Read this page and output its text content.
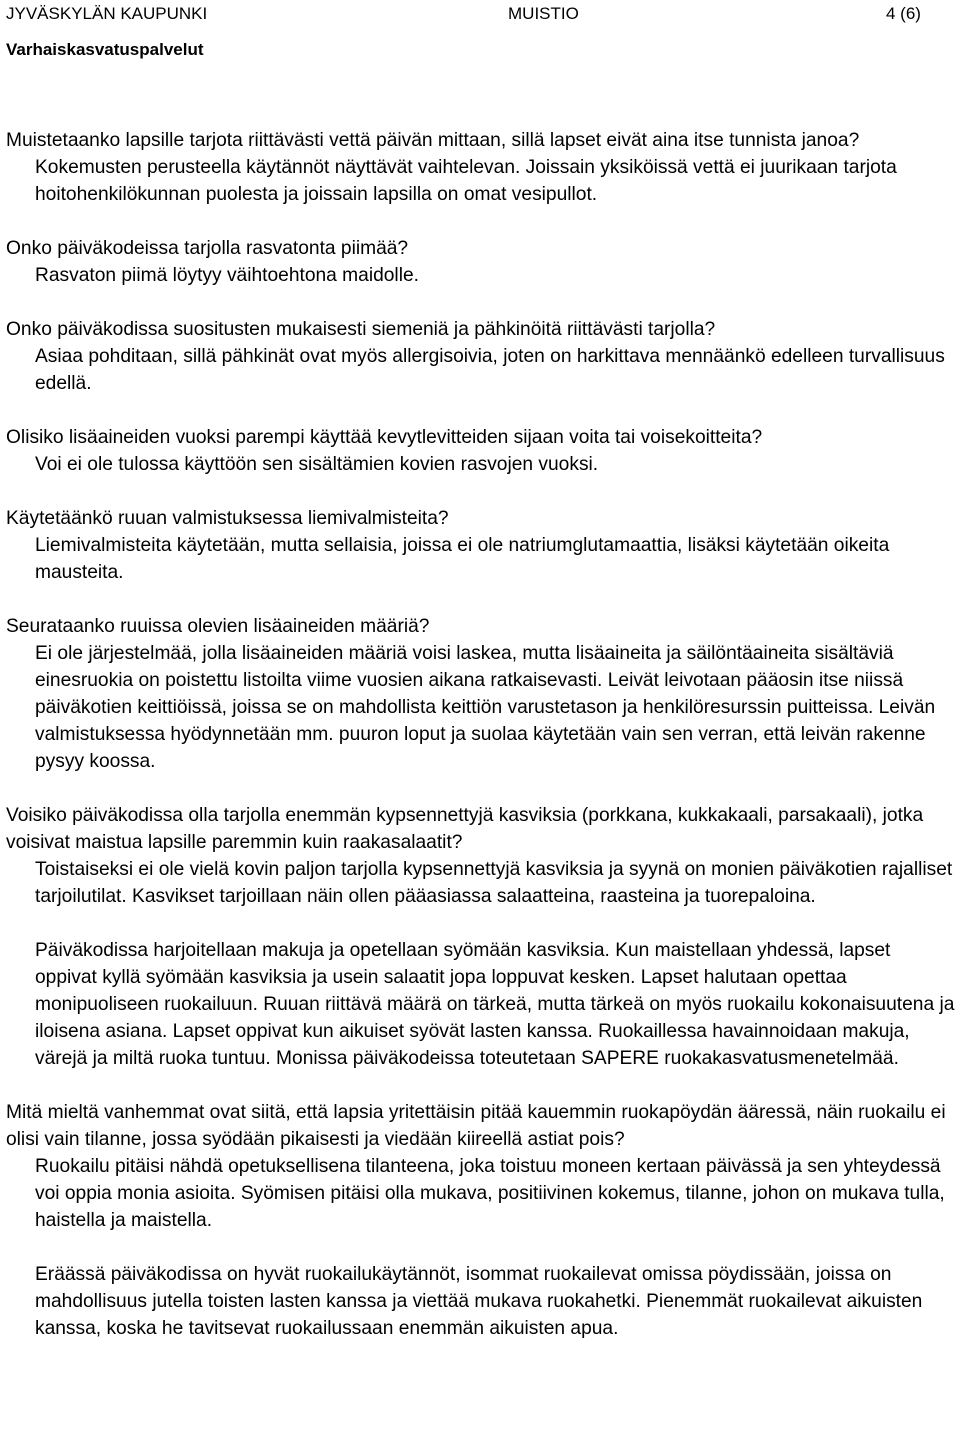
JYVÄSKYLÄN KAUPUNKI	MUISTIO	4 (6)
Varhaiskasvatuspalvelut

Muistetaanko lapsille tarjota riittävästi vettä päivän mittaan, sillä lapset eivät aina itse tunnista janoa?

Kokemusten perusteella käytännöt näyttävät vaihtelevan. Joissain yksiköissä vettä ei juurikaan tarjota hoitohenkilökunnan puolesta ja joissain lapsilla on omat vesipullot.

Onko päiväkodeissa tarjolla rasvatonta piimää?

Rasvaton piimä löytyy väihtoehtona maidolle.

Onko päiväkodissa suositusten mukaisesti siemeniä ja pähkinöitä riittävästi tarjolla?

Asiaa pohditaan, sillä pähkinät ovat myös allergisoivia, joten on harkittava mennäänkö edelleen turvallisuus edellä.

Olisiko lisäaineiden vuoksi parempi käyttää kevytlevitteiden sijaan voita tai voisekoitteita?

Voi ei ole tulossa käyttöön sen sisältämien kovien rasvojen vuoksi.

Käytetäänkö ruuan valmistuksessa liemivalmisteita?

Liemivalmisteita käytetään, mutta sellaisia, joissa ei ole natriumglutamaattia, lisäksi käytetään oikeita mausteita.

Seurataanko ruuissa olevien lisäaineiden määriä?

Ei ole järjestelmää, jolla lisäaineiden määriä voisi laskea, mutta lisäaineita ja säilöntäaineita sisältäviä einesruokia on poistettu listoilta viime vuosien aikana ratkaisevasti. Leivät leivotaan pääosin itse niissä päiväkotien keittiöissä, joissa se on mahdollista keittiön varustetason ja henkilöresurssin puitteissa. Leivän valmistuksessa hyödynnetään mm. puuron loput ja suolaa käytetään vain sen verran, että leivän rakenne pysyy koossa.

Voisiko päiväkodissa olla tarjolla enemmän kypsennettyjä kasviksia (porkkana, kukkakaali, parsakaali), jotka voisivat maistua lapsille paremmin kuin raakasalaatit?

Toistaiseksi ei ole vielä kovin paljon tarjolla kypsennettyjä kasviksia ja syynä on monien päiväkotien rajalliset tarjoilutilat. Kasvikset tarjoillaan näin ollen pääasiassa salaatteina, raasteina ja tuorepaloina.

Päiväkodissa harjoitellaan makuja ja opetellaan syömään kasviksia. Kun maistellaan yhdessä, lapset oppivat kyllä syömään kasviksia ja usein salaatit jopa loppuvat kesken. Lapset halutaan opettaa monipuoliseen ruokailuun. Ruuan riittävä määrä on tärkeä, mutta tärkeä on myös ruokailu kokonaisuutena ja iloisena asiana. Lapset oppivat kun aikuiset syövät lasten kanssa. Ruokaillessa havainnoidaan makuja, värejä ja miltä ruoka tuntuu. Monissa päiväkodeissa toteutetaan SAPERE ruokakasvatusmenetelmää.

Mitä mieltä vanhemmat ovat siitä, että lapsia yritettäisin pitää kauemmin ruokapöydän ääressä, näin ruokailu ei olisi vain tilanne, jossa syödään pikaisesti ja viedään kiireellä astiat pois?

Ruokailu pitäisi nähdä opetuksellisena tilanteena, joka toistuu moneen kertaan päivässä ja sen yhteydessä voi oppia monia asioita. Syömisen pitäisi olla mukava, positiivinen kokemus, tilanne, johon on mukava tulla, haistella ja maistella.

Eräässä päiväkodissa on hyvät ruokailukäytännöt, isommat ruokailevat omissa pöydissään, joissa on mahdollisuus jutella toisten lasten kanssa ja viettää mukava ruokahetki. Pienemmät ruokailevat aikuisten kanssa, koska he tavitsevat ruokailussaan enemmän aikuisten apua.
